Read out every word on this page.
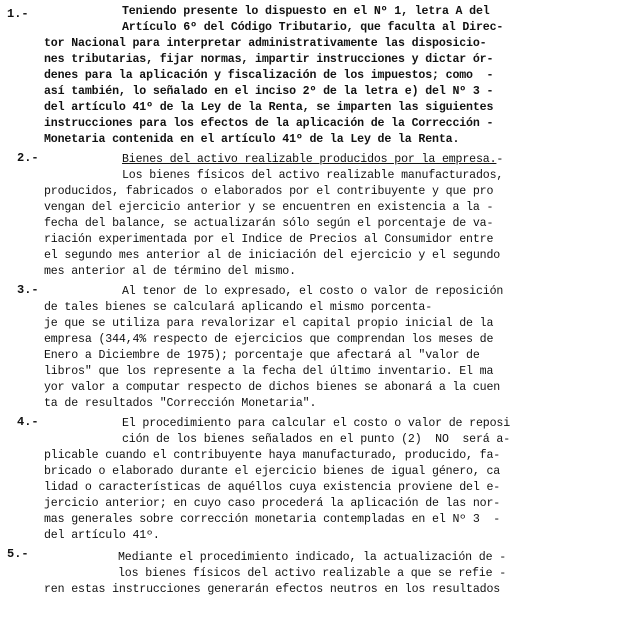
1.-	Teniendo presente lo dispuesto en el Nº 1, letra A del
Artículo 6º del Código Tributario, que faculta al Direc-
tor Nacional para interpretar administrativamente las disposicio-
nes tributarias, fijar normas, impartir instrucciones y dictar ór-
denes para la aplicación y fiscalización de los impuestos; como  -
así también, lo señalado en el inciso 2º de la letra e) del Nº 3 -
del artículo 41º de la Ley de la Renta, se imparten las siguientes
instrucciones para los efectos de la aplicación de la Corrección -
Monetaria contenida en el artículo 41º de la Ley de la Renta.
2.-	Bienes del activo realizable producidos por la empresa.-
Los bienes físicos del activo realizable manufacturados,
producidos, fabricados o elaborados por el contribuyente y que pro
vengan del ejercicio anterior y se encuentren en existencia a la -
fecha del balance, se actualizarán sólo según el porcentaje de va-
riación experimentada por el Indice de Precios al Consumidor entre
el segundo mes anterior al de iniciación del ejercicio y el segundo
mes anterior al de término del mismo.
3.-	Al tenor de lo expresado, el costo o valor de reposición
de tales bienes se calculará aplicando el mismo porcenta-
je que se utiliza para revalorizar el capital propio inicial de la
empresa (344,4% respecto de ejercicios que comprendan los meses de
Enero a Diciembre de 1975); porcentaje que afectará al "valor de
libros" que los represente a la fecha del último inventario. El ma
yor valor a computar respecto de dichos bienes se abonará a la cuen
ta de resultados "Corrección Monetaria".
4.-	El procedimiento para calcular el costo o valor de reposi
ción de los bienes señalados en el punto (2)  NO  será a-
plicable cuando el contribuyente haya manufacturado, producido, fa-
bricado o elaborado durante el ejercicio bienes de igual género, ca
lidad o características de aquéllos cuya existencia proviene del e-
jercicio anterior; en cuyo caso procederá la aplicación de las nor-
mas generales sobre corrección monetaria contempladas en el Nº 3  -
del artículo 41º.
5.-	Mediante el procedimiento indicado, la actualización de -
los bienes físicos del activo realizable a que se refie -
ren estas instrucciones generarán efectos neutros en los resultados
